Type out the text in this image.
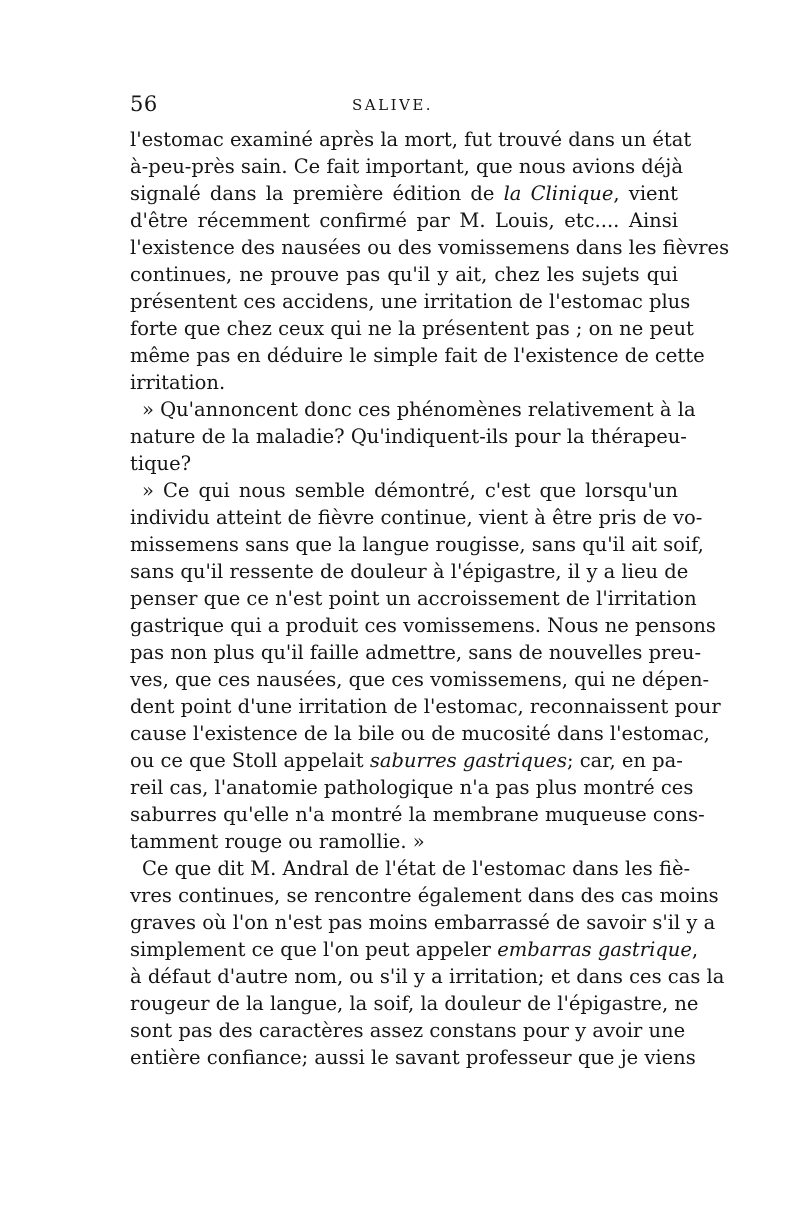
56	SALIVE.
l'estomac examiné après la mort, fut trouvé dans un état
à-peu-près sain. Ce fait important, que nous avions déjà
signalé dans la première édition de la Clinique, vient
d'être récemment confirmé par M. Louis, etc.... Ainsi
l'existence des nausées ou des vomissemens dans les fièvres
continues, ne prouve pas qu'il y ait, chez les sujets qui
présentent ces accidens, une irritation de l'estomac plus
forte que chez ceux qui ne la présentent pas ; on ne peut
même pas en déduire le simple fait de l'existence de cette
irritation.
» Qu'annoncent donc ces phénomènes relativement à la
nature de la maladie? Qu'indiquent-ils pour la thérapeu-
tique?
» Ce qui nous semble démontré, c'est que lorsqu'un
individu atteint de fièvre continue, vient à être pris de vo-
missemens sans que la langue rougisse, sans qu'il ait soif,
sans qu'il ressente de douleur à l'épigastre, il y a lieu de
penser que ce n'est point un accroissement de l'irritation
gastrique qui a produit ces vomissemens. Nous ne pensons
pas non plus qu'il faille admettre, sans de nouvelles preu-
ves, que ces nausées, que ces vomissemens, qui ne dépen-
dent point d'une irritation de l'estomac, reconnaissent pour
cause l'existence de la bile ou de mucosité dans l'estomac,
ou ce que Stoll appelait saburres gastriques; car, en pa-
reil cas, l'anatomie pathologique n'a pas plus montré ces
saburres qu'elle n'a montré la membrane muqueuse cons-
tamment rouge ou ramollie. »
Ce que dit M. Andral de l'état de l'estomac dans les fiè-
vres continues, se rencontre également dans des cas moins
graves où l'on n'est pas moins embarrassé de savoir s'il y a
simplement ce que l'on peut appeler embarras gastrique,
à défaut d'autre nom, ou s'il y a irritation; et dans ces cas la
rougeur de la langue, la soif, la douleur de l'épigastre, ne
sont pas des caractères assez constans pour y avoir une
entière confiance; aussi le savant professeur que je viens
